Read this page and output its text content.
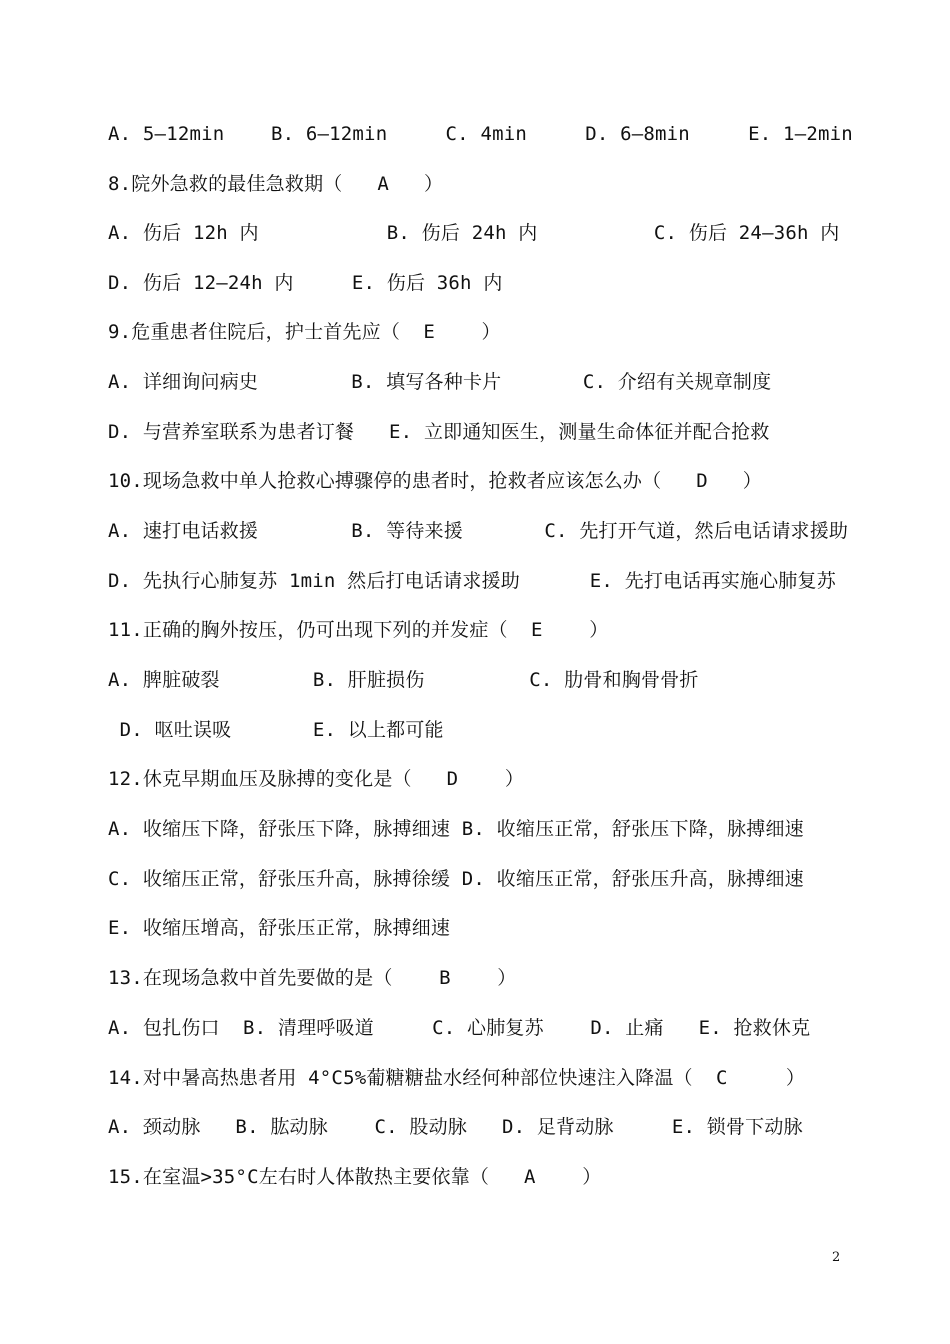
A. 5—12min    B. 6—12min     C. 4min     D. 6—8min     E. 1—2min
8.院外急救的最佳急救期（   A   ）
A. 伤后 12h 内           B. 伤后 24h 内          C. 伤后 24—36h 内
D. 伤后 12—24h 内     E. 伤后 36h 内
9.危重患者住院后，护士首先应（  E    ）
A. 详细询问病史        B. 填写各种卡片       C. 介绍有关规章制度
D. 与营养室联系为患者订餐   E. 立即通知医生，测量生命体征并配合抢救
10.现场急救中单人抢救心搏骤停的患者时，抢救者应该怎么办（   D   ）
A. 速打电话救援        B. 等待来援       C. 先打开气道，然后电话请求援助
D. 先执行心肺复苏 1min 然后打电话请求援助      E. 先打电话再实施心肺复苏
11.正确的胸外按压，仍可出现下列的并发症（  E    ）
A. 脾脏破裂        B. 肝脏损伤         C. 肋骨和胸骨骨折
D. 呕吐误吸       E. 以上都可能
12.休克早期血压及脉搏的变化是（   D    ）
A. 收缩压下降，舒张压下降，脉搏细速 B. 收缩压正常，舒张压下降，脉搏细速
C. 收缩压正常，舒张压升高，脉搏徐缓 D. 收缩压正常，舒张压升高，脉搏细速
E. 收缩压增高，舒张压正常，脉搏细速
13.在现场急救中首先要做的是（    B    ）
A. 包扎伤口  B. 清理呼吸道     C. 心肺复苏    D. 止痛   E. 抢救休克
14.对中暑高热患者用 4°C5%葡糖糖盐水经何种部位快速注入降温（  C     ）
A. 颈动脉   B. 肱动脉    C. 股动脉   D. 足背动脉     E. 锁骨下动脉
15.在室温>35°C左右时人体散热主要依靠（   A    ）
2
